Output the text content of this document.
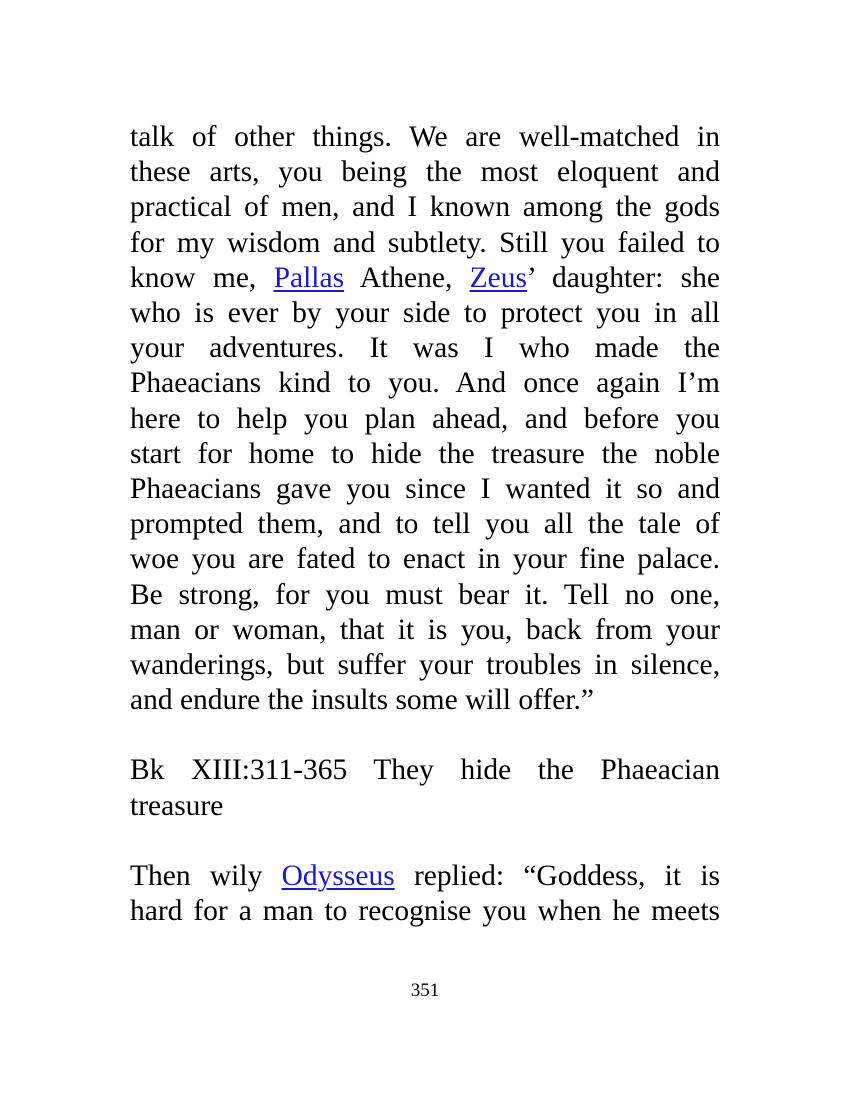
talk of other things. We are well-matched in
these arts, you being the most eloquent and
practical of men, and I known among the gods
for my wisdom and subtlety. Still you failed to
know me, Pallas Athene, Zeus’ daughter: she
who is ever by your side to protect you in all
your adventures. It was I who made the
Phaeacians kind to you. And once again I’m
here to help you plan ahead, and before you
start for home to hide the treasure the noble
Phaeacians gave you since I wanted it so and
prompted them, and to tell you all the tale of
woe you are fated to enact in your fine palace.
Be strong, for you must bear it. Tell no one,
man or woman, that it is you, back from your
wanderings, but suffer your troubles in silence,
and endure the insults some will offer.”
Bk XIII:311-365 They hide the Phaeacian
treasure
Then wily Odysseus replied: “Goddess, it is
hard for a man to recognise you when he meets
351
